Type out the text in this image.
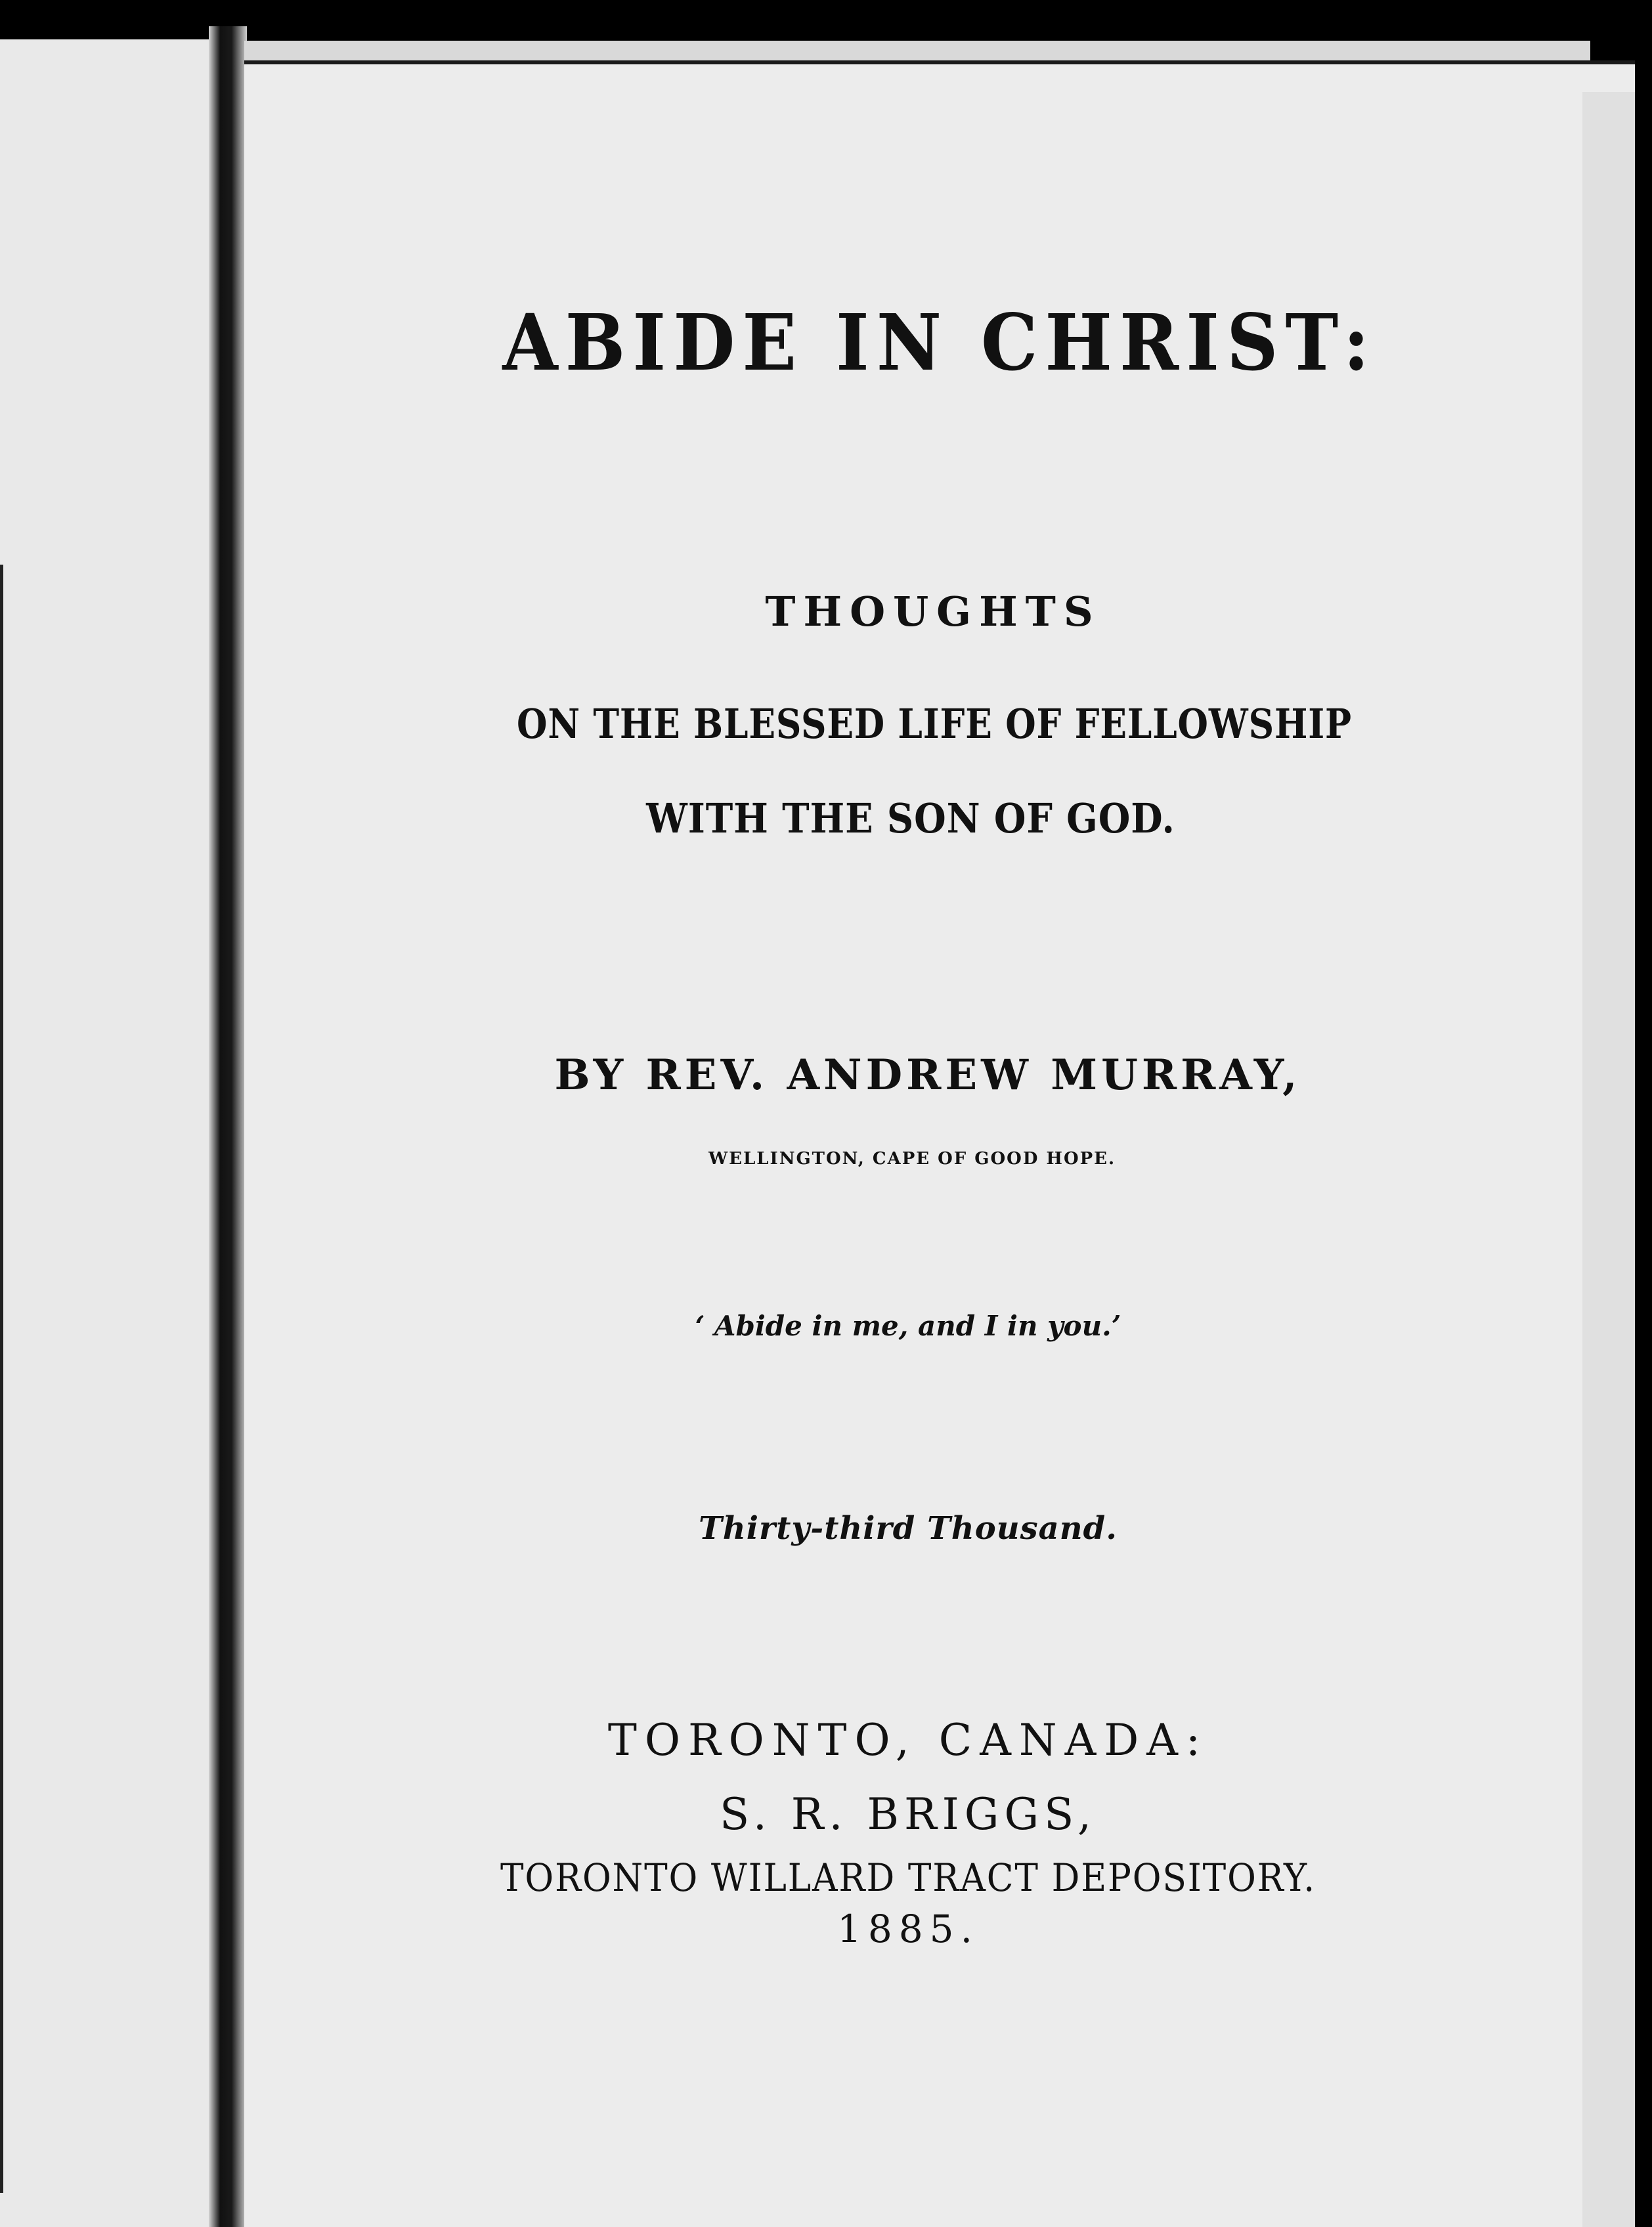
ABIDE IN CHRIST:
THOUGHTS
ON THE BLESSED LIFE OF FELLOWSHIP
WITH THE SON OF GOD.
BY REV. ANDREW MURRAY,
WELLINGTON, CAPE OF GOOD HOPE.
‘ Abide in me, and I in you.’
Thirty-third Thousand.
TORONTO, CANADA:
S. R. BRIGGS,
TORONTO WILLARD TRACT DEPOSITORY.
1885.
